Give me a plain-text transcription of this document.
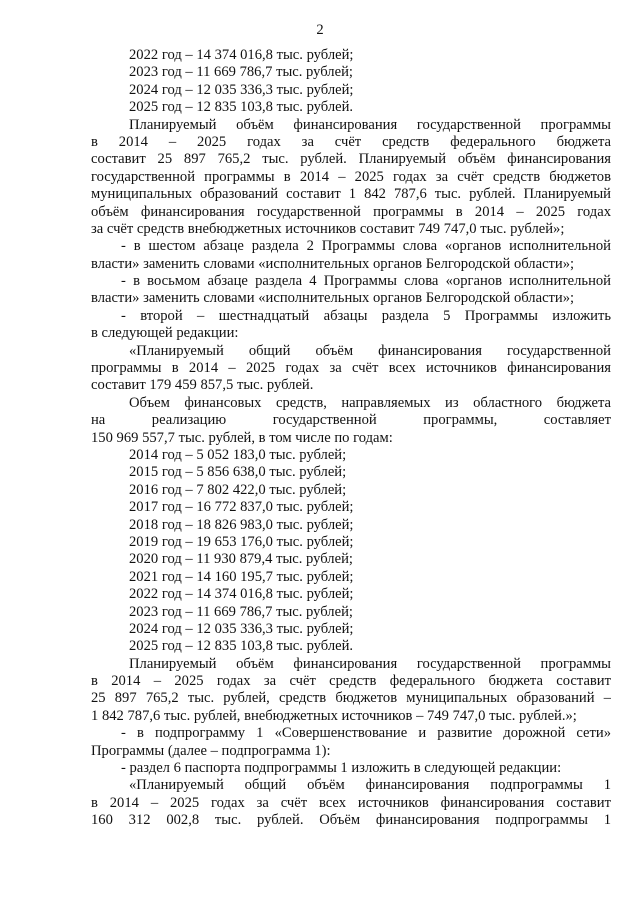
2
2022 год – 14 374 016,8 тыс. рублей;
2023 год – 11 669 786,7 тыс. рублей;
2024 год – 12 035 336,3 тыс. рублей;
2025 год – 12 835 103,8 тыс. рублей.
Планируемый объём финансирования государственной программы
в 2014 – 2025 годах за счёт средств федерального бюджета
составит 25 897 765,2 тыс. рублей. Планируемый объём финансирования
государственной программы в 2014 – 2025 годах за счёт средств бюджетов
муниципальных образований составит 1 842 787,6 тыс. рублей. Планируемый
объём финансирования государственной программы в 2014 – 2025 годах
за счёт средств внебюджетных источников составит 749 747,0 тыс. рублей»;
- в шестом абзаце раздела 2 Программы слова «органов исполнительной
власти» заменить словами «исполнительных органов Белгородской области»;
- в восьмом абзаце раздела 4 Программы слова «органов исполнительной
власти» заменить словами «исполнительных органов Белгородской области»;
- второй – шестнадцатый абзацы раздела 5 Программы изложить
в следующей редакции:
«Планируемый общий объём финансирования государственной
программы в 2014 – 2025 годах за счёт всех источников финансирования
составит 179 459 857,5 тыс. рублей.
Объем финансовых средств, направляемых из областного бюджета
на реализацию государственной программы, составляет
150 969 557,7 тыс. рублей, в том числе по годам:
2014 год – 5 052 183,0 тыс. рублей;
2015 год – 5 856 638,0 тыс. рублей;
2016 год – 7 802 422,0 тыс. рублей;
2017 год – 16 772 837,0 тыс. рублей;
2018 год – 18 826 983,0 тыс. рублей;
2019 год – 19 653 176,0 тыс. рублей;
2020 год – 11 930 879,4 тыс. рублей;
2021 год – 14 160 195,7 тыс. рублей;
2022 год – 14 374 016,8 тыс. рублей;
2023 год – 11 669 786,7 тыс. рублей;
2024 год – 12 035 336,3 тыс. рублей;
2025 год – 12 835 103,8 тыс. рублей.
Планируемый объём финансирования государственной программы
в 2014 – 2025 годах за счёт средств федерального бюджета составит
25 897 765,2 тыс. рублей, средств бюджетов муниципальных образований –
1 842 787,6 тыс. рублей, внебюджетных источников – 749 747,0 тыс. рублей.»;
- в подпрограмму 1 «Совершенствование и развитие дорожной сети»
Программы (далее – подпрограмма 1):
- раздел 6 паспорта подпрограммы 1 изложить в следующей редакции:
«Планируемый общий объём финансирования подпрограммы 1
в 2014 – 2025 годах за счёт всех источников финансирования составит
160 312 002,8 тыс. рублей. Объём финансирования подпрограммы 1
